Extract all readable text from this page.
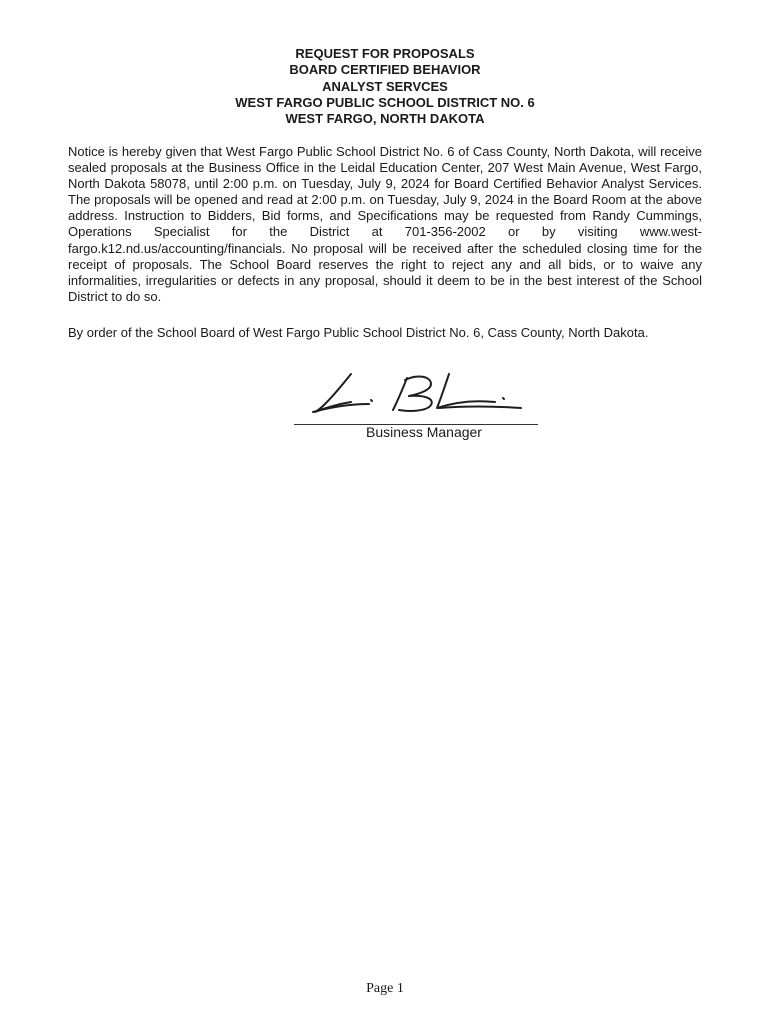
REQUEST FOR PROPOSALS
BOARD CERTIFIED BEHAVIOR
ANALYST SERVCES
WEST FARGO PUBLIC SCHOOL DISTRICT NO. 6
WEST FARGO, NORTH DAKOTA

Notice is hereby given that West Fargo Public School District No. 6 of Cass County, North Dakota, will receive sealed proposals at the Business Office in the Leidal Education Center, 207 West Main Avenue, West Fargo, North Dakota 58078, until 2:00 p.m. on Tuesday, July 9, 2024 for Board Certified Behavior Analyst Services. The proposals will be opened and read at 2:00 p.m. on Tuesday, July 9, 2024 in the Board Room at the above address. Instruction to Bidders, Bid forms, and Specifications may be requested from Randy Cummings, Operations Specialist for the District at 701-356-2002 or by visiting www.west-fargo.k12.nd.us/accounting/financials. No proposal will be received after the scheduled closing time for the receipt of proposals. The School Board reserves the right to reject any and all bids, or to waive any informalities, irregularities or defects in any proposal, should it deem to be in the best interest of the School District to do so.

By order of the School Board of West Fargo Public School District No. 6, Cass County, North Dakota.

Business Manager
Page 1
